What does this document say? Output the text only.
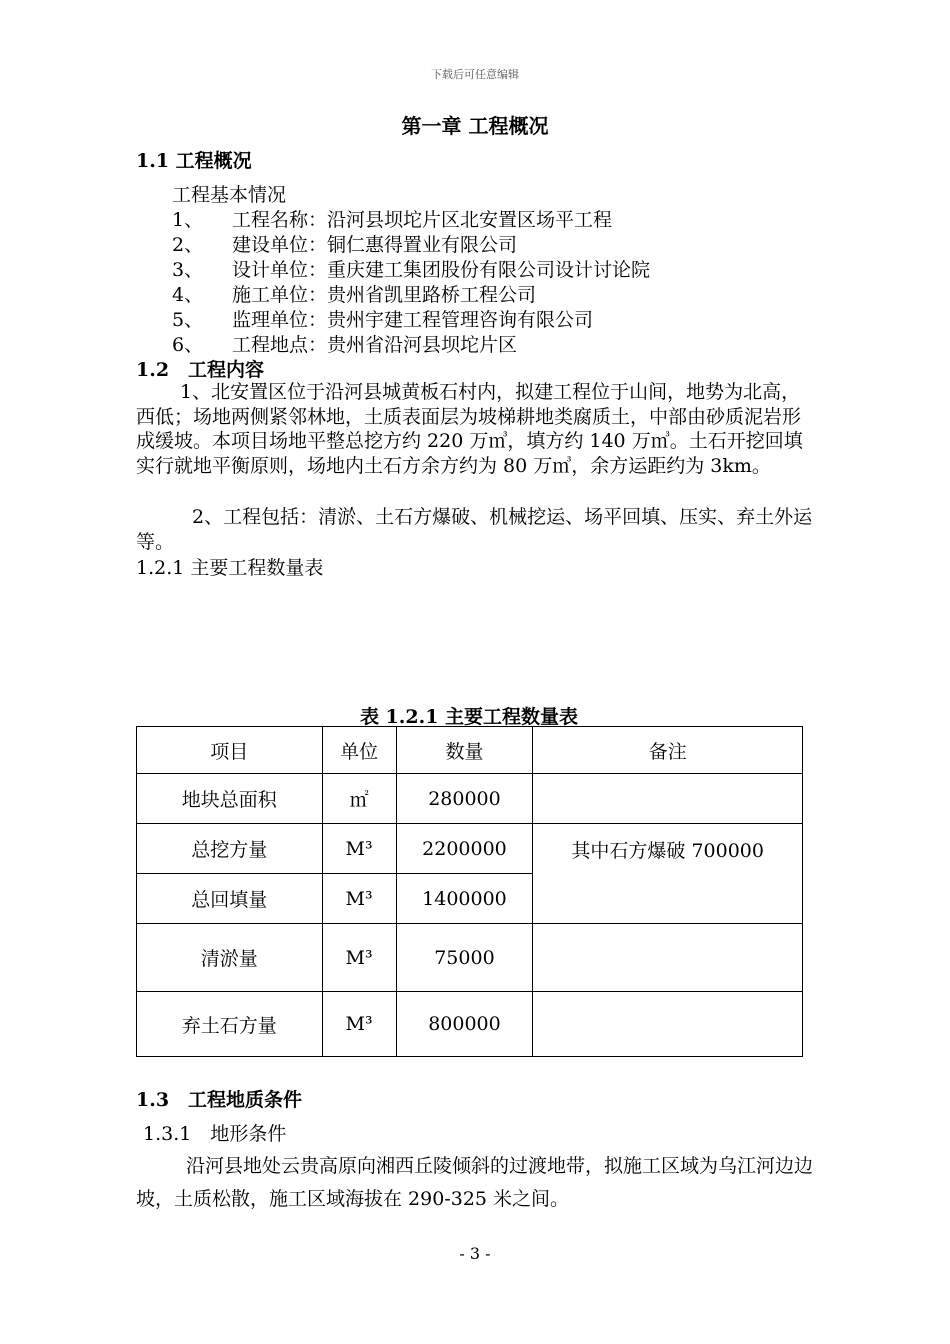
下载后可任意编辑
第一章 工程概况
1.1 工程概况
工程基本情况
1、 工程名称：沿河县坝坨片区北安置区场平工程
2、 建设单位：铜仁惠得置业有限公司
3、 设计单位：重庆建工集团股份有限公司设计讨论院
4、 施工单位：贵州省凯里路桥工程公司
5、 监理单位：贵州宇建工程管理咨询有限公司
6、 工程地点：贵州省沿河县坝坨片区
1.2　工程内容
1、北安置区位于沿河县城黄板石村内，拟建工程位于山间，地势为北高，西低；场地两侧紧邻林地，土质表面层为坡梯耕地类腐质土，中部由砂质泥岩形成缓坡。本项目场地平整总挖方约 220 万㎥，填方约 140 万㎥。土石开挖回填实行就地平衡原则，场地内土石方余方约为 80 万㎥，余方运距约为 3km。
2、工程包括：清淤、土石方爆破、机械挖运、场平回填、压实、弃土外运等。
1.2.1 主要工程数量表
表 1.2.1 主要工程数量表
项目	单位	数量	备注
地块总面积	㎡	280000	
总挖方量	M³	2200000	其中石方爆破 700000
总回填量	M³	1400000	
清淤量	M³	75000	
弃土石方量	M³	800000	
1.3　工程地质条件
1.3.1　地形条件
沿河县地处云贵高原向湘西丘陵倾斜的过渡地带，拟施工区域为乌江河边边坡，土质松散，施工区域海拔在 290-325 米之间。
- 3 -
